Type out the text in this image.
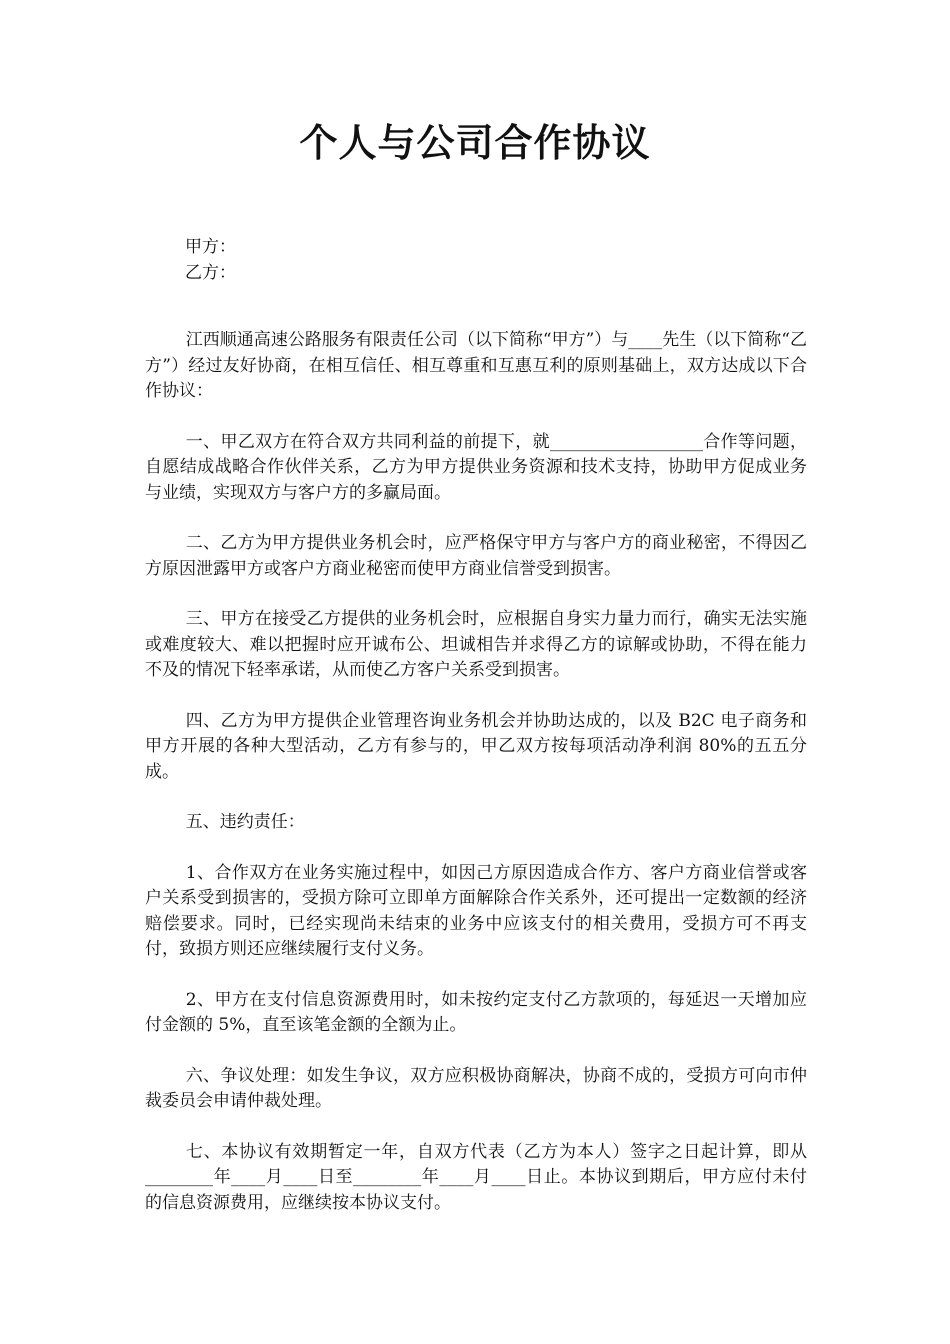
个人与公司合作协议

甲方：

乙方：

江西顺通高速公路服务有限责任公司（以下简称“甲方”）与____先生（以下简称“乙方”）经过友好协商，在相互信任、相互尊重和互惠互利的原则基础上，双方达成以下合作协议：

一、甲乙双方在符合双方共同利益的前提下，就__________________合作等问题，自愿结成战略合作伙伴关系，乙方为甲方提供业务资源和技术支持，协助甲方促成业务与业绩，实现双方与客户方的多赢局面。

二、乙方为甲方提供业务机会时，应严格保守甲方与客户方的商业秘密，不得因乙方原因泄露甲方或客户方商业秘密而使甲方商业信誉受到损害。

三、甲方在接受乙方提供的业务机会时，应根据自身实力量力而行，确实无法实施或难度较大、难以把握时应开诚布公、坦诚相告并求得乙方的谅解或协助，不得在能力不及的情况下轻率承诺，从而使乙方客户关系受到损害。

四、乙方为甲方提供企业管理咨询业务机会并协助达成的，以及 B2C 电子商务和甲方开展的各种大型活动，乙方有参与的，甲乙双方按每项活动净利润 80%的五五分成。

五、违约责任：

1、合作双方在业务实施过程中，如因己方原因造成合作方、客户方商业信誉或客户关系受到损害的，受损方除可立即单方面解除合作关系外，还可提出一定数额的经济赔偿要求。同时，已经实现尚未结束的业务中应该支付的相关费用，受损方可不再支付，致损方则还应继续履行支付义务。

2、甲方在支付信息资源费用时，如未按约定支付乙方款项的，每延迟一天增加应付金额的 5%，直至该笔金额的全额为止。

六、争议处理：如发生争议，双方应积极协商解决，协商不成的，受损方可向市仲裁委员会申请仲裁处理。

七、本协议有效期暂定一年，自双方代表（乙方为本人）签字之日起计算，即从________年____月____日至________年____月____日止。本协议到期后，甲方应付未付的信息资源费用，应继续按本协议支付。
